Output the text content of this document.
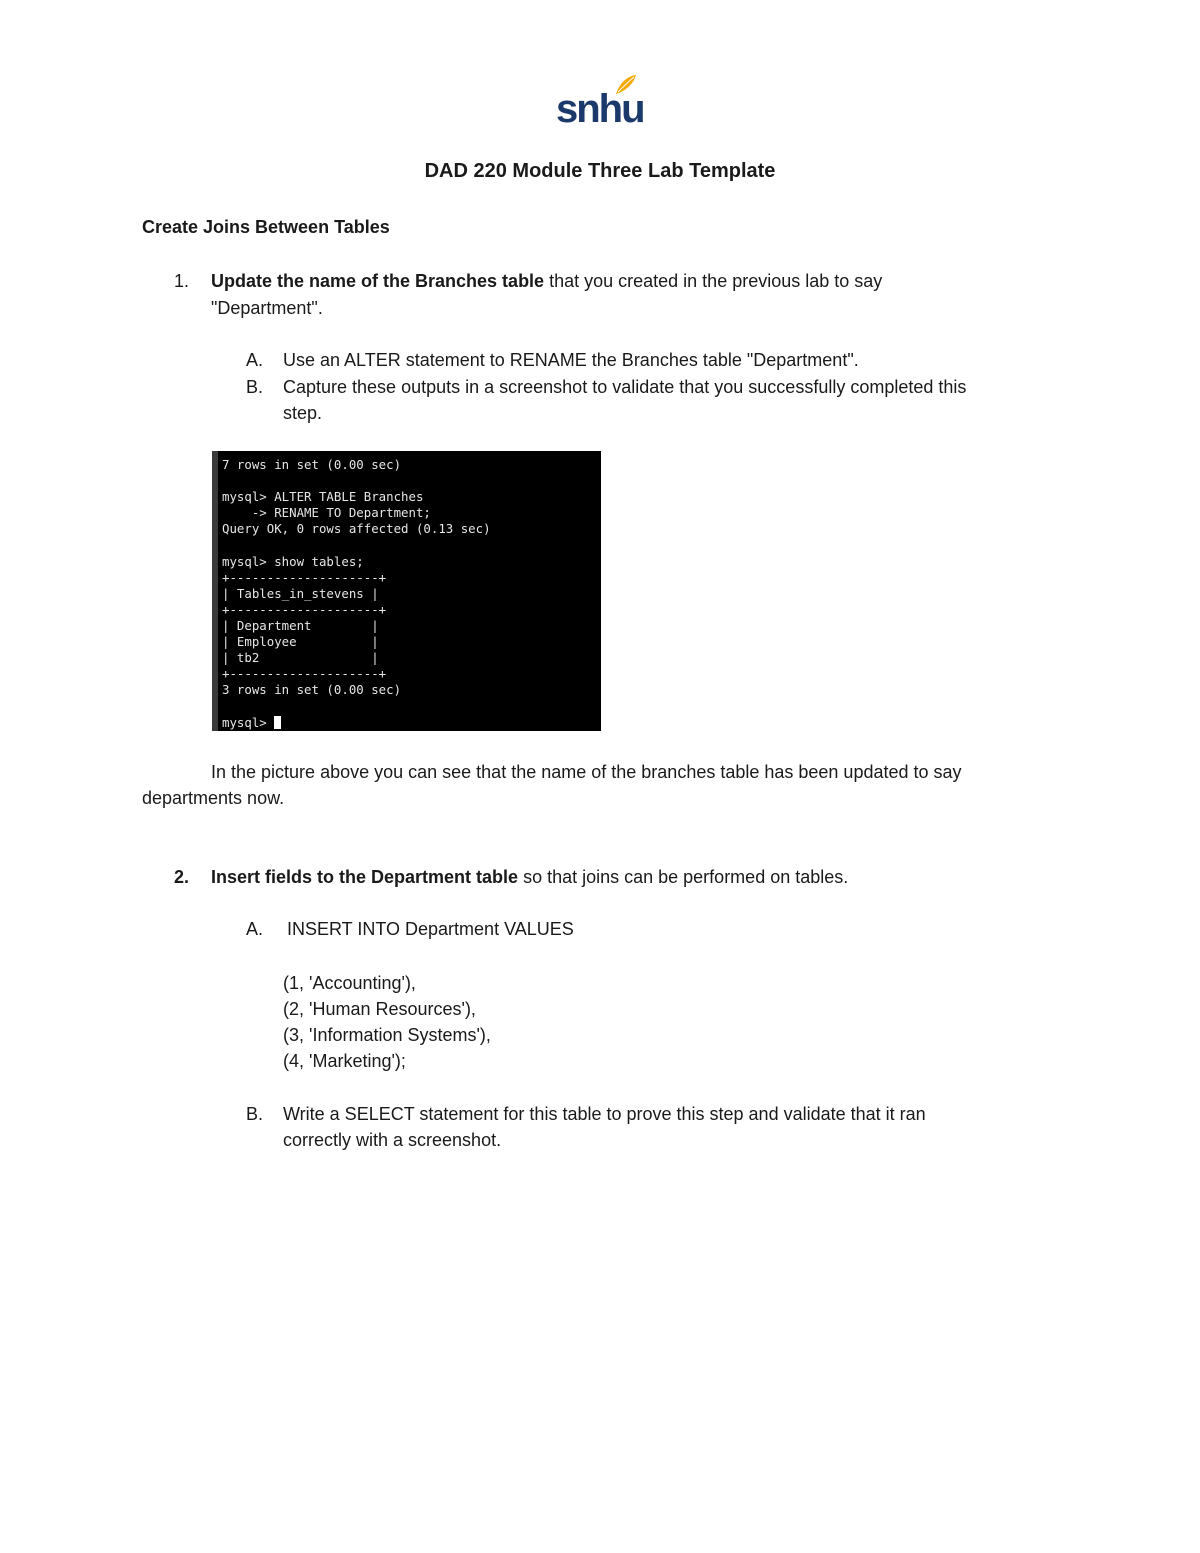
snhu
DAD 220 Module Three Lab Template
Create Joins Between Tables
1. Update the name of the Branches table that you created in the previous lab to say

"Department".

A. Use an ALTER statement to RENAME the Branches table "Department".

B. Capture these outputs in a screenshot to validate that you successfully completed this

step.

7 rows in set (0.00 sec)

mysql> ALTER TABLE Branches
-> RENAME TO Department;
Query OK, 0 rows affected (0.13 sec)

mysql> show tables;
+--------------------+
| Tables_in_stevens |
+--------------------+
| Department        |
| Employee          |
| tb2               |
+--------------------+
3 rows in set (0.00 sec)

mysql>

In the picture above you can see that the name of the branches table has been updated to say

departments now.

2. Insert fields to the Department table so that joins can be performed on tables.

A. INSERT INTO Department VALUES

(1, 'Accounting'),
(2, 'Human Resources'),
(3, 'Information Systems'),
(4, 'Marketing');
B. Write a SELECT statement for this table to prove this step and validate that it ran

correctly with a screenshot.
